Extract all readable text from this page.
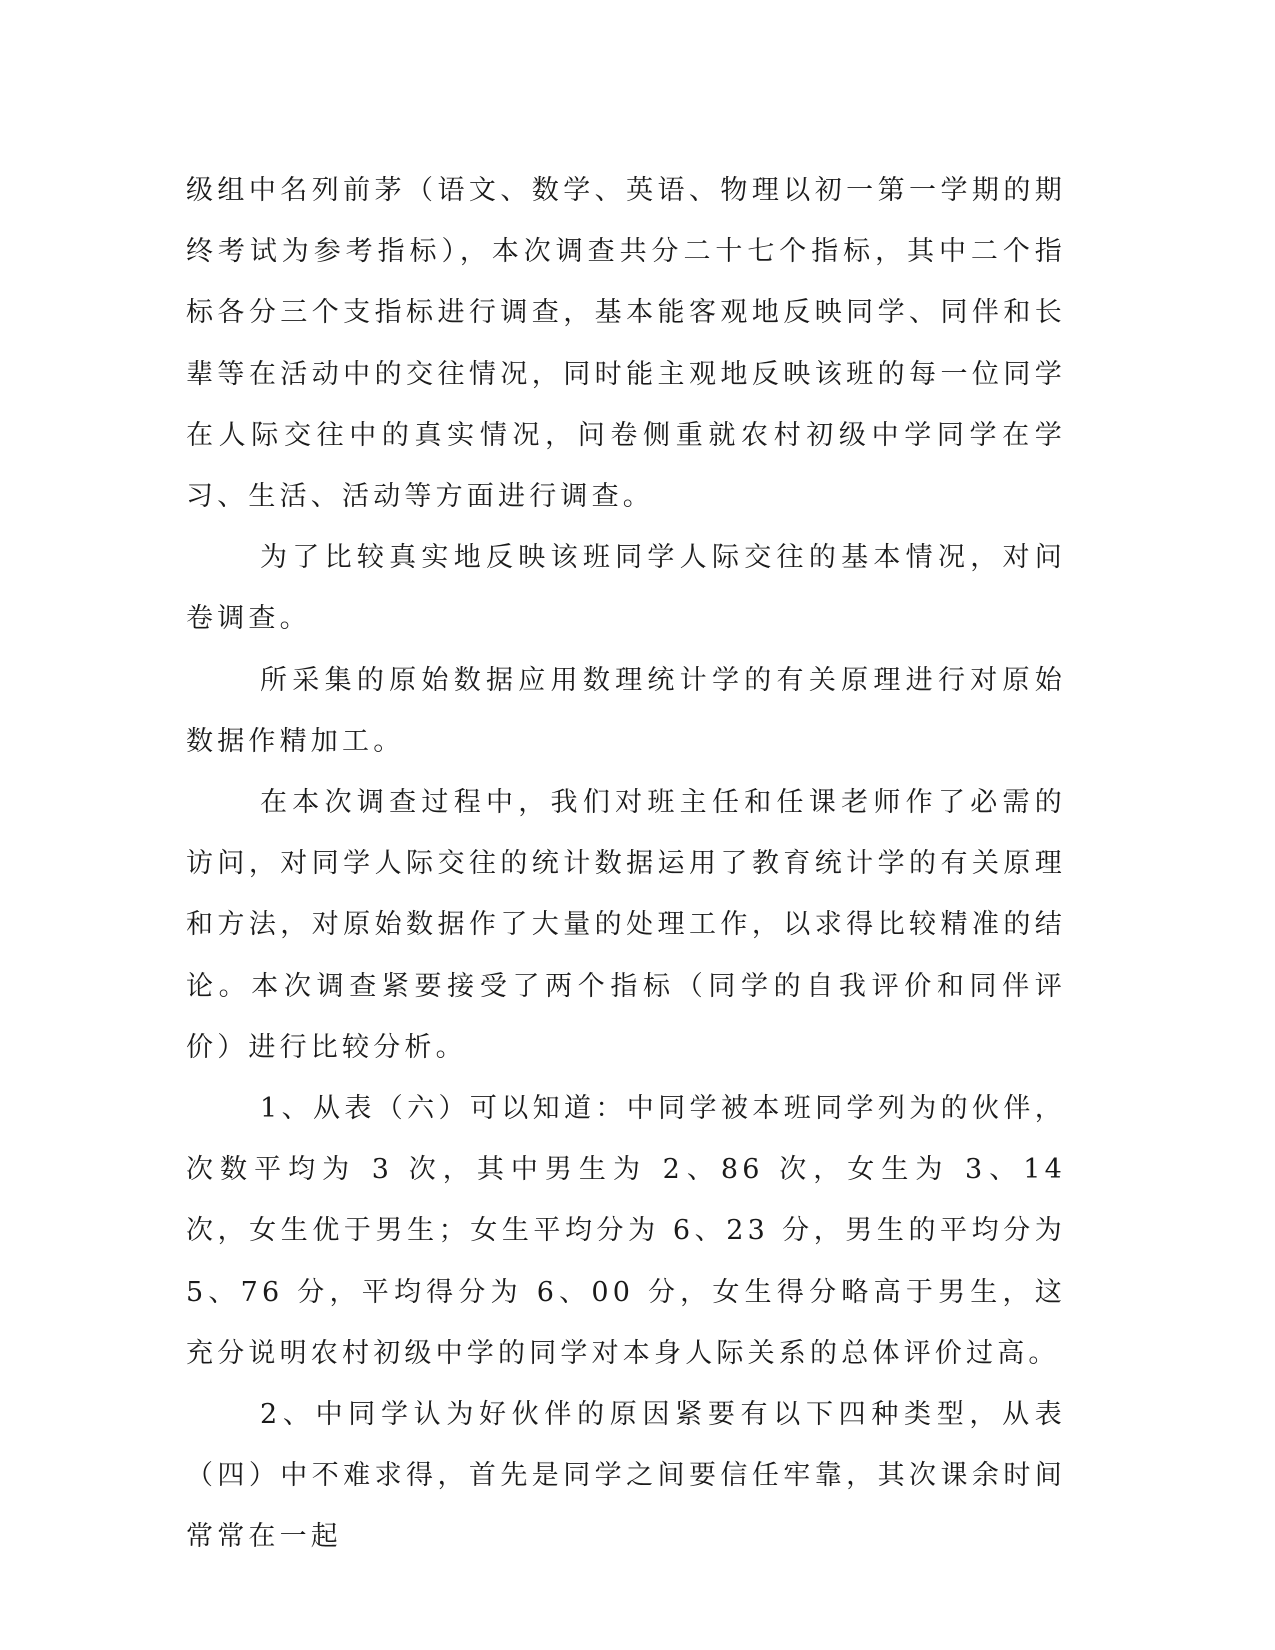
级组中名列前茅（语文、数学、英语、物理以初一第一学期的期终考试为参考指标），本次调查共分二十七个指标，其中二个指标各分三个支指标进行调查，基本能客观地反映同学、同伴和长辈等在活动中的交往情况，同时能主观地反映该班的每一位同学在人际交往中的真实情况，问卷侧重就农村初级中学同学在学习、生活、活动等方面进行调查。

为了比较真实地反映该班同学人际交往的基本情况，对问卷调查。

所采集的原始数据应用数理统计学的有关原理进行对原始数据作精加工。

在本次调查过程中，我们对班主任和任课老师作了必需的访问，对同学人际交往的统计数据运用了教育统计学的有关原理和方法，对原始数据作了大量的处理工作，以求得比较精准的结论。本次调查紧要接受了两个指标（同学的自我评价和同伴评价）进行比较分析。

1、从表（六）可以知道：中同学被本班同学列为的伙伴，次数平均为 3 次，其中男生为 2、86 次，女生为 3、14 次，女生优于男生；女生平均分为 6、23 分，男生的平均分为 5、76 分，平均得分为 6、00 分，女生得分略高于男生，这充分说明农村初级中学的同学对本身人际关系的总体评价过高。

2、中同学认为好伙伴的原因紧要有以下四种类型，从表（四）中不难求得，首先是同学之间要信任牢靠，其次课余时间常常在一起
